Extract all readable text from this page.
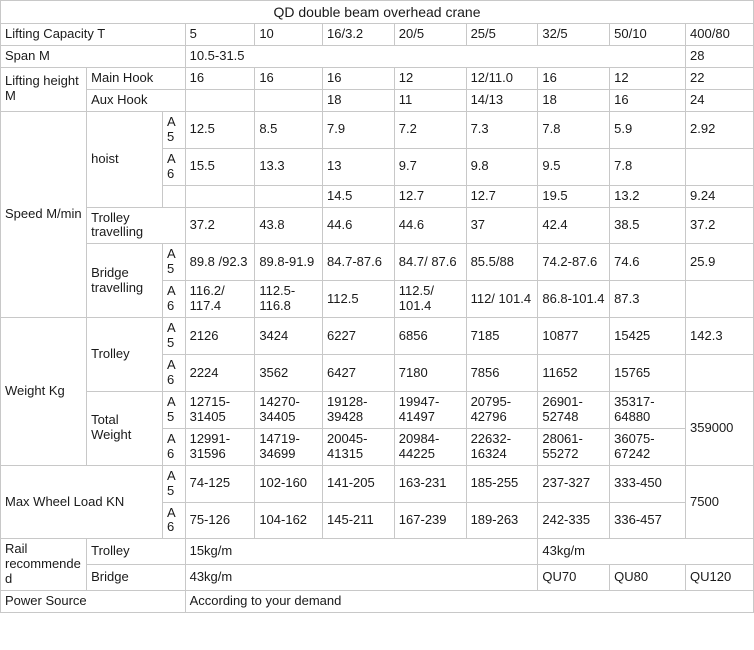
QD double beam overhead crane										
Lifting Capacity T			5	10	16/3.2	20/5	25/5	32/5	50/10	400/80
Span M			10.5-31.5							28
Lifting height M	Main Hook		16	16	16	12	12/11.0	16	12	22
	Aux Hook				18	11	14/13	18	16	24
Speed M/min	hoist	A5	12.5	8.5	7.9	7.2	7.3	7.8	5.9	2.92
		A6	15.5	13.3	13	9.7	9.8	9.5	7.8	
					14.5	12.7	12.7	19.5	13.2	9.24

	Trolley travelling		37.2	43.8	44.6	44.6	37	42.4	38.5	37.2
	Bridge travelling	A5	89.8 /92.3	89.8-91.9	84.7-87.6	84.7/ 87.6	85.5/88	74.2-87.6	74.6	25.9
		A6	116.2/ 117.4	112.5-116.8	112.5	112.5/ 101.4	112/ 101.4	86.8-101.4	87.3	
Weight Kg	Trolley	A5	2126	3424	6227	6856	7185	10877	15425	142.3
		A6	2224	3562	6427	7180	7856	11652	15765	
	Total Weight	A5	12715-31405	14270-34405	19128-39428	19947-41497	20795-42796	26901-52748	35317-64880	359000
		A6	12991-31596	14719-34699	20045-41315	20984-44225	22632-16324	28061-55272	36075-67242	
Max Wheel Load KN		A5	74-125	102-160	141-205	163-231	185-255	237-327	333-450	7500
		A6	75-126	104-162	145-211	167-239	189-263	242-335	336-457	
Rail recommended	Trolley		15kg/m					43kg/m		
	Bridge		43kg/m					QU70	QU80	QU120
Power Source			According to your demand							
